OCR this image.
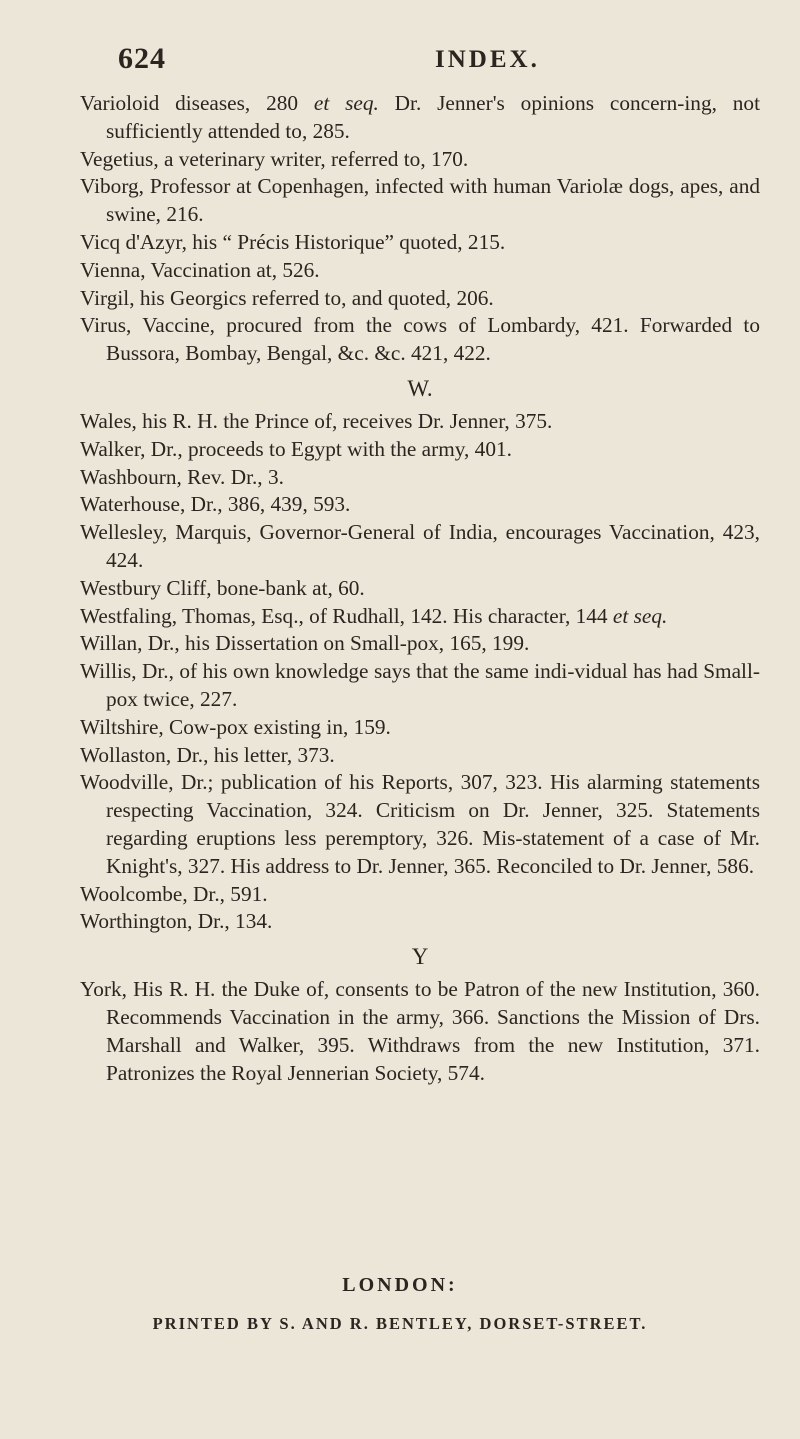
624	INDEX.

Varioloid diseases, 280 et seq. Dr. Jenner's opinions concern-ing, not sufficiently attended to, 285.

Vegetius, a veterinary writer, referred to, 170.

Viborg, Professor at Copenhagen, infected with human Variolæ dogs, apes, and swine, 216.

Vicq d'Azyr, his “ Précis Historique” quoted, 215.

Vienna, Vaccination at, 526.

Virgil, his Georgics referred to, and quoted, 206.

Virus, Vaccine, procured from the cows of Lombardy, 421. Forwarded to Bussora, Bombay, Bengal, &c. &c. 421, 422.

W.

Wales, his R. H. the Prince of, receives Dr. Jenner, 375.

Walker, Dr., proceeds to Egypt with the army, 401.

Washbourn, Rev. Dr., 3.

Waterhouse, Dr., 386, 439, 593.

Wellesley, Marquis, Governor-General of India, encourages Vaccination, 423, 424.

Westbury Cliff, bone-bank at, 60.

Westfaling, Thomas, Esq., of Rudhall, 142. His character, 144 et seq.

Willan, Dr., his Dissertation on Small-pox, 165, 199.

Willis, Dr., of his own knowledge says that the same indi-vidual has had Small-pox twice, 227.

Wiltshire, Cow-pox existing in, 159.

Wollaston, Dr., his letter, 373.

Woodville, Dr.; publication of his Reports, 307, 323. His alarming statements respecting Vaccination, 324. Criticism on Dr. Jenner, 325. Statements regarding eruptions less peremptory, 326. Mis-statement of a case of Mr. Knight's, 327. His address to Dr. Jenner, 365. Reconciled to Dr. Jenner, 586.

Woolcombe, Dr., 591.

Worthington, Dr., 134.

Y

York, His R. H. the Duke of, consents to be Patron of the new Institution, 360. Recommends Vaccination in the army, 366. Sanctions the Mission of Drs. Marshall and Walker, 395. Withdraws from the new Institution, 371. Patronizes the Royal Jennerian Society, 574.

LONDON:
PRINTED BY S. AND R. BENTLEY, DORSET-STREET.
